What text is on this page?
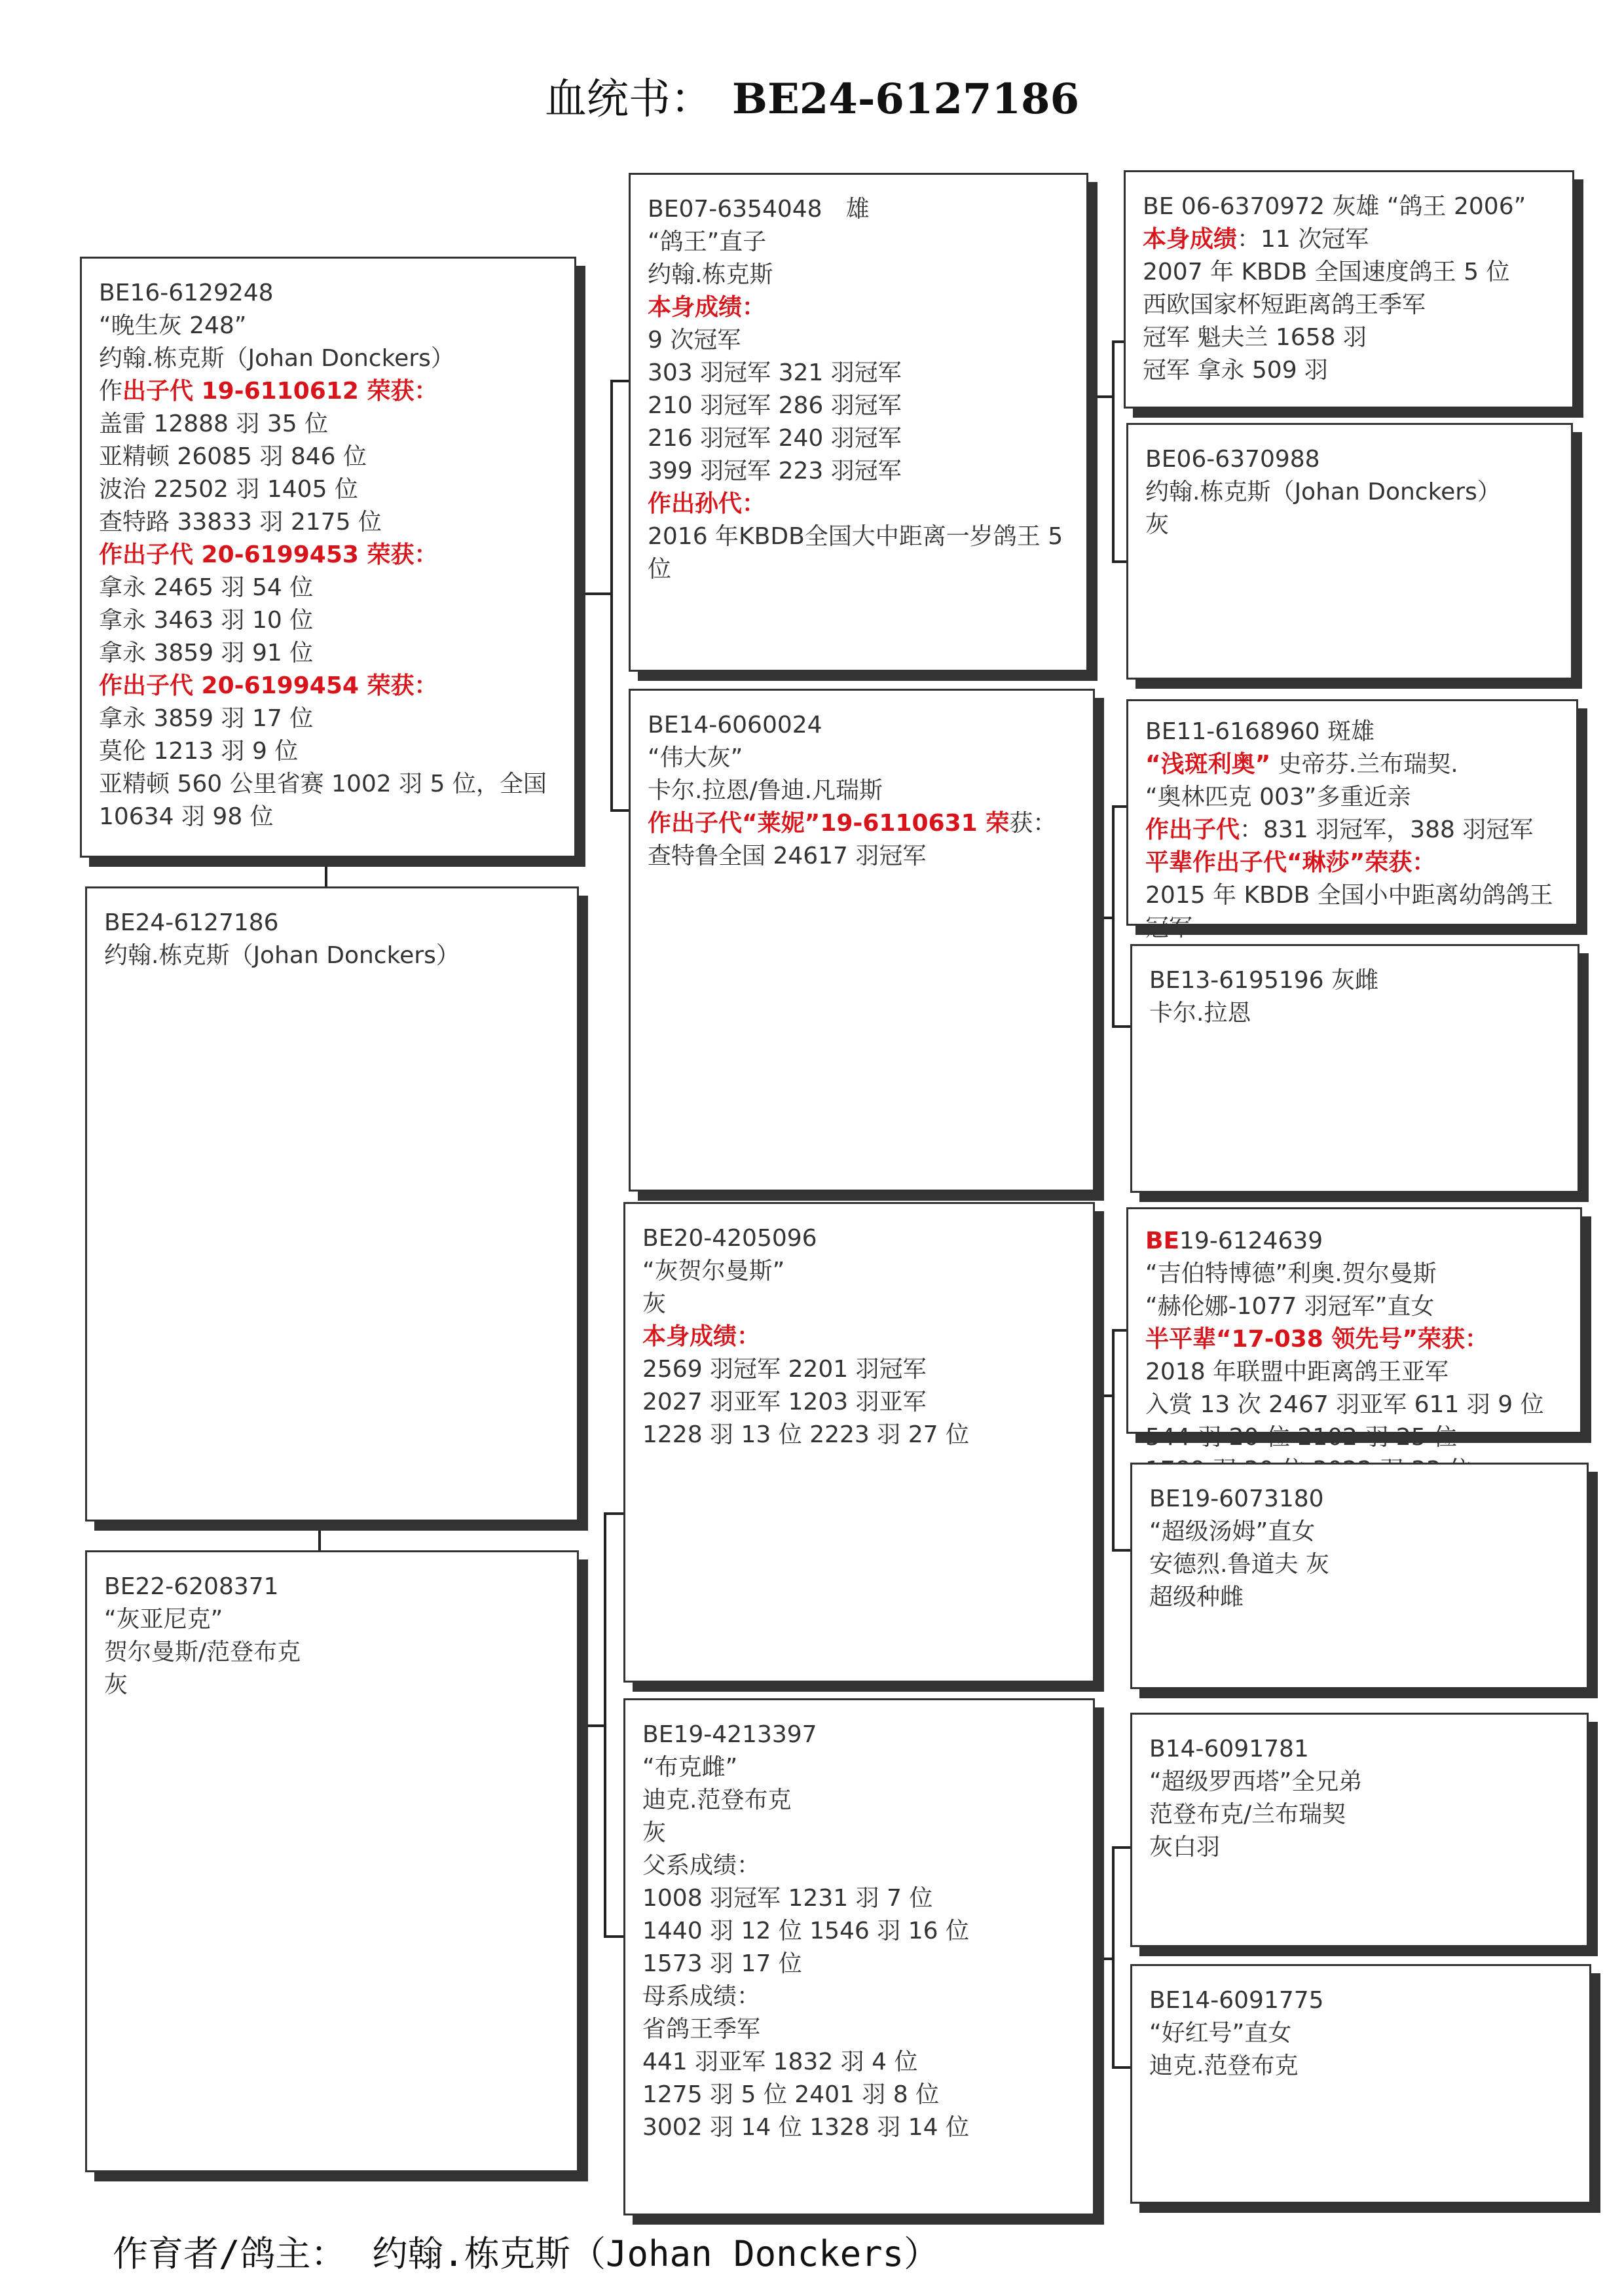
血统书： BE24-6127186
BE16-6129248
“晚生灰 248”
约翰.栋克斯（Johan Donckers）
作出子代 19-6110612 荣获：
盖雷 12888 羽 35 位
亚精顿 26085 羽 846 位
波治 22502 羽 1405 位
查特路 33833 羽 2175 位
作出子代 20-6199453 荣获：
拿永 2465 羽 54 位
拿永 3463 羽 10 位
拿永 3859 羽 91 位
作出子代 20-6199454 荣获：
拿永 3859 羽 17 位
莫伦 1213 羽 9 位
亚精顿 560 公里省赛 1002 羽 5 位，全国 10634 羽 98 位
BE24-6127186
约翰.栋克斯（Johan Donckers）
BE22-6208371
“灰亚尼克”
贺尔曼斯/范登布克
灰
BE07-6354048　雄
“鸽王”直子
约翰.栋克斯
本身成绩：
9 次冠军
303 羽冠军 321 羽冠军
210 羽冠军 286 羽冠军
216 羽冠军 240 羽冠军
399 羽冠军 223 羽冠军
作出孙代：
2016 年KBDB全国大中距离一岁鸽王 5 位
BE14-6060024
“伟大灰”
卡尔.拉恩/鲁迪.凡瑞斯
作出子代“莱妮”19-6110631 荣获：
查特鲁全国 24617 羽冠军
BE20-4205096
“灰贺尔曼斯”
灰
本身成绩：
2569 羽冠军 2201 羽冠军
2027 羽亚军 1203 羽亚军
1228 羽 13 位 2223 羽 27 位
BE19-4213397
“布克雌”
迪克.范登布克
灰
父系成绩：
1008 羽冠军 1231 羽 7 位
1440 羽 12 位 1546 羽 16 位
1573 羽 17 位
母系成绩：
省鸽王季军
441 羽亚军 1832 羽 4 位
1275 羽 5 位 2401 羽 8 位
3002 羽 14 位 1328 羽 14 位
BE 06-6370972 灰雄 “鸽王 2006”
本身成绩：11 次冠军
2007 年 KBDB 全国速度鸽王 5 位
西欧国家杯短距离鸽王季军
冠军 魁夫兰 1658 羽
冠军 拿永 509 羽
BE06-6370988
约翰.栋克斯（Johan Donckers）
灰
BE11-6168960 斑雄
“浅斑利奥” 史帝芬.兰布瑞契.
“奥林匹克 003”多重近亲
作出子代：831 羽冠军，388 羽冠军
平辈作出子代“琳莎”荣获：
2015 年 KBDB 全国小中距离幼鸽鸽王冠军
BE13-6195196 灰雌
卡尔.拉恩
BE19-6124639
“吉伯特博德”利奥.贺尔曼斯
“赫伦娜-1077 羽冠军”直女
半平辈“17-038 领先号”荣获：
2018 年联盟中距离鸽王亚军
入赏 13 次 2467 羽亚军 611 羽 9 位
544 羽 20 位 2102 羽 25 位
BE19-6073180
“超级汤姆”直女
安德烈.鲁道夫 灰
超级种雌
B14-6091781
“超级罗西塔”全兄弟
范登布克/兰布瑞契
灰白羽
BE14-6091775
“好红号”直女
迪克.范登布克
作育者/鸽主： 约翰.栋克斯（Johan Donckers）
